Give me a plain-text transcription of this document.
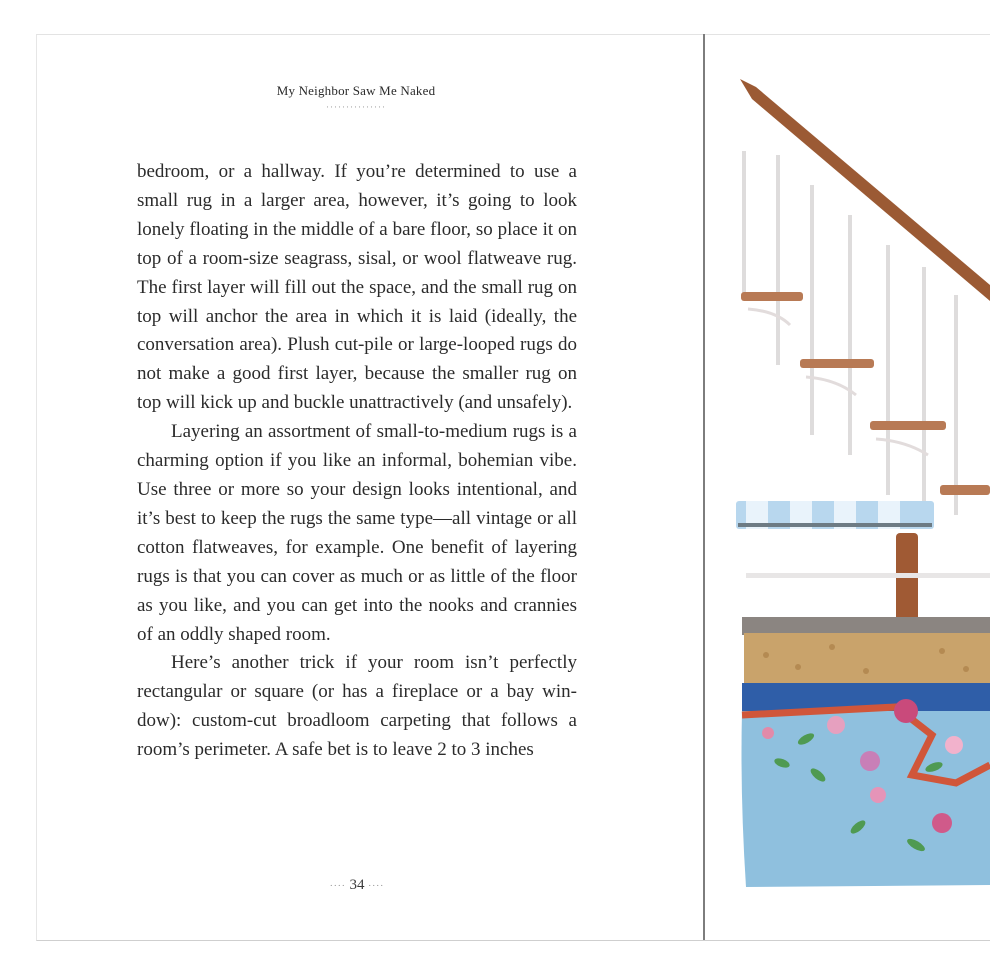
My Neighbor Saw Me Naked
···············

bedroom, or a hallway. If you’re determined to use a small rug in a larger area, however, it’s going to look lonely floating in the middle of a bare floor, so place it on top of a room-size seagrass, sisal, or wool flatweave rug. The first layer will fill out the space, and the small rug on top will anchor the area in which it is laid (ideally, the conversation area). Plush cut-pile or large-looped rugs do not make a good first layer, because the smaller rug on top will kick up and buckle unattractively (and unsafely).

Layering an assortment of small-to-medium rugs is a charming option if you like an informal, bohemian vibe. Use three or more so your design looks intentional, and it’s best to keep the rugs the same type—all vintage or all cotton flatweaves, for example. One benefit of layering rugs is that you can cover as much or as little of the floor as you like, and you can get into the nooks and crannies of an oddly shaped room.

Here’s another trick if your room isn’t perfectly rectangular or square (or has a fireplace or a bay window): custom-cut broadloom carpeting that follows a room’s perimeter. A safe bet is to leave 2 to 3 inches

···· 34 ····
